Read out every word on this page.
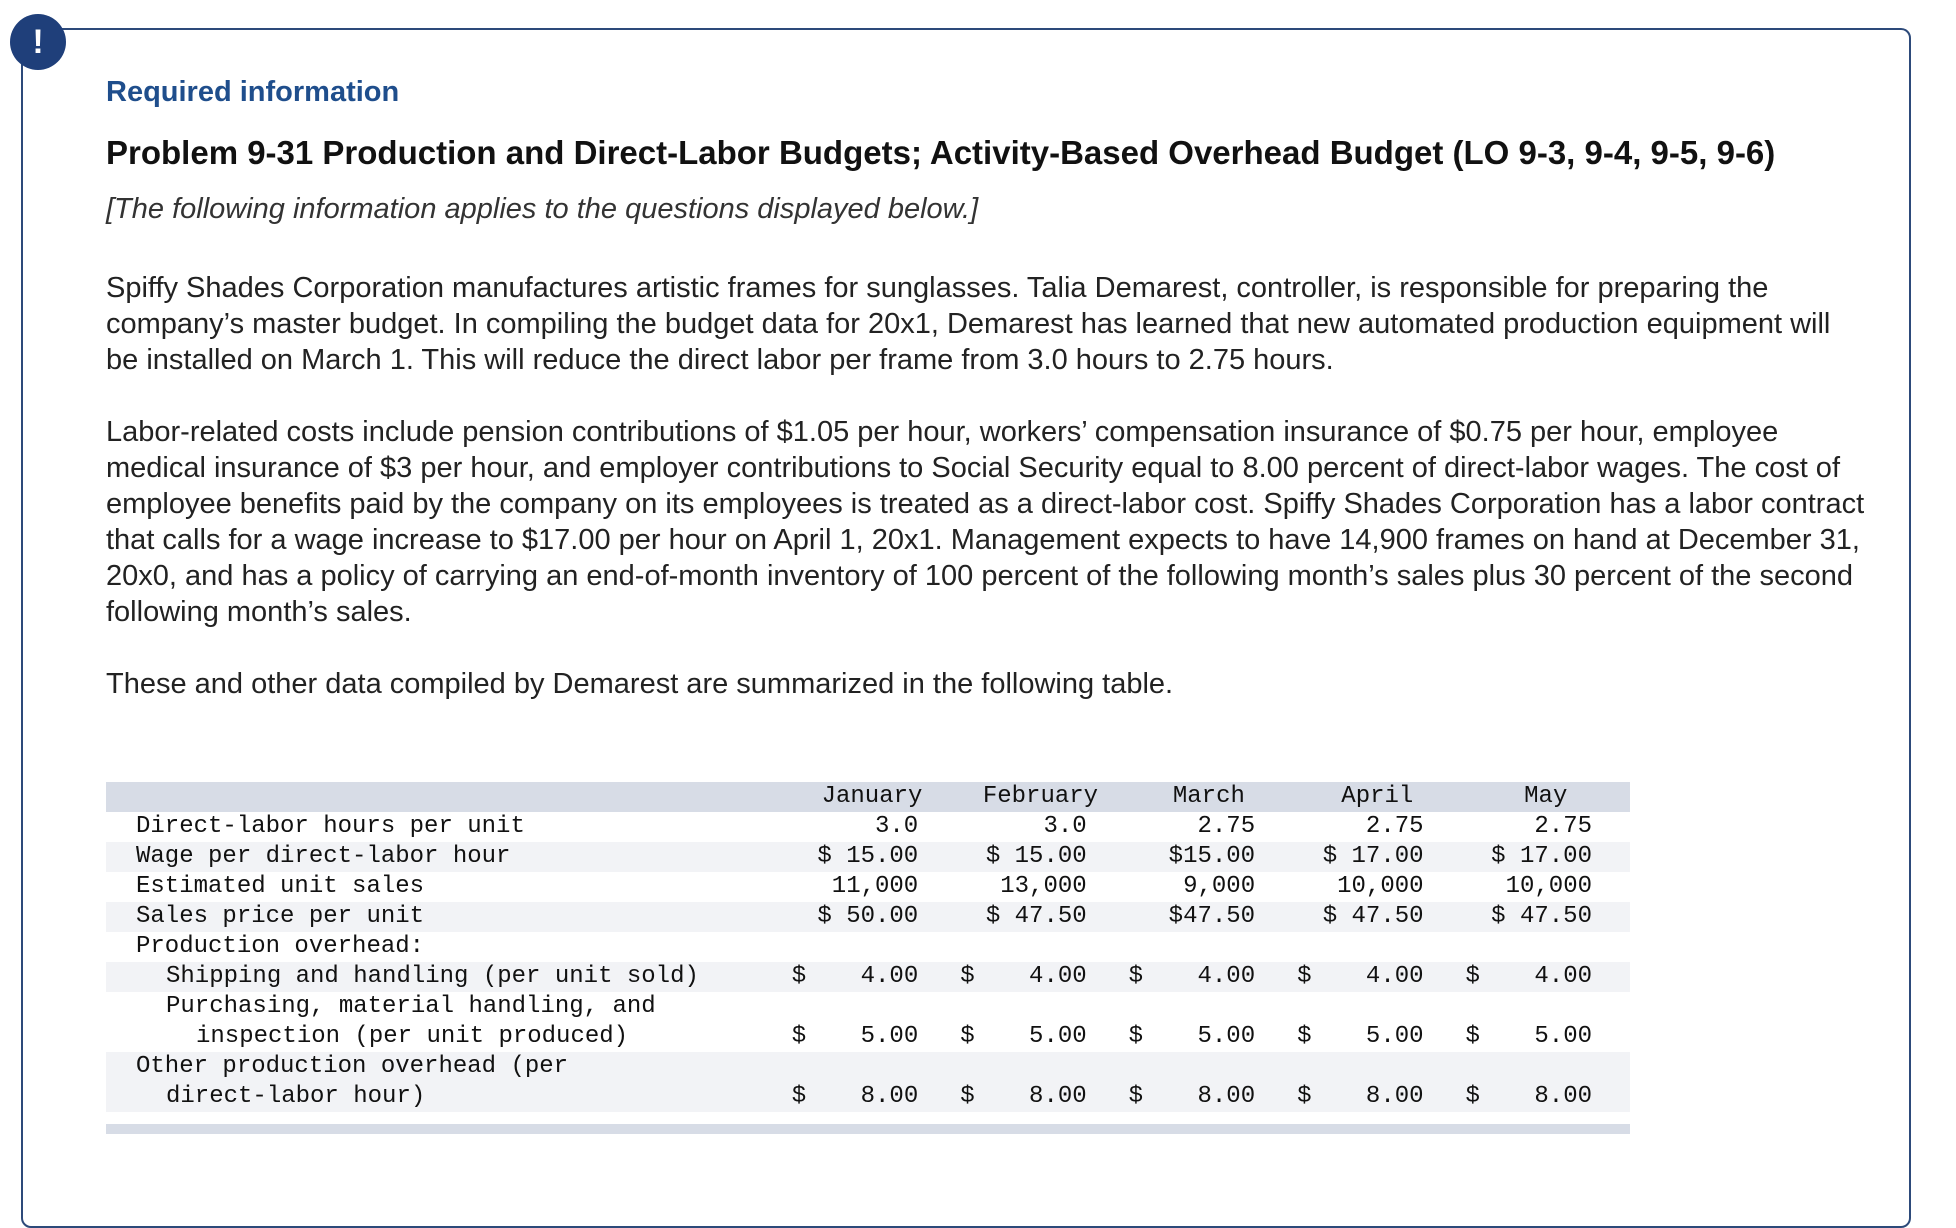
!
Required information
Problem 9-31 Production and Direct-Labor Budgets; Activity-Based Overhead Budget (LO 9-3, 9-4, 9-5, 9-6)
[The following information applies to the questions displayed below.]

Spiffy Shades Corporation manufactures artistic frames for sunglasses. Talia Demarest, controller, is responsible for preparing the company’s master budget. In compiling the budget data for 20x1, Demarest has learned that new automated production equipment will be installed on March 1. This will reduce the direct labor per frame from 3.0 hours to 2.75 hours.

Labor-related costs include pension contributions of $1.05 per hour, workers’ compensation insurance of $0.75 per hour, employee medical insurance of $3 per hour, and employer contributions to Social Security equal to 8.00 percent of direct-labor wages. The cost of employee benefits paid by the company on its employees is treated as a direct-labor cost. Spiffy Shades Corporation has a labor contract that calls for a wage increase to $17.00 per hour on April 1, 20x1. Management expects to have 14,900 frames on hand at December 31, 20x0, and has a policy of carrying an end-of-month inventory of 100 percent of the following month’s sales plus 30 percent of the second following month’s sales.

These and other data compiled by Demarest are summarized in the following table.

	January	February	March	April	May
Direct-labor hours per unit	3.0	3.0	2.75	2.75	2.75
Wage per direct-labor hour	$ 15.00	$ 15.00	$15.00	$ 17.00	$ 17.00
Estimated unit sales	11,000	13,000	9,000	10,000	10,000
Sales price per unit	$ 50.00	$ 47.50	$47.50	$ 47.50	$ 47.50
Production overhead:					
Shipping and handling (per unit sold)	$ 4.00	$ 4.00	$ 4.00	$ 4.00	$ 4.00

Purchasing, material handling, and					
inspection (per unit produced)	$ 5.00	$ 5.00	$ 5.00	$ 5.00	$ 5.00

Other production overhead (per					
direct-labor hour)	$ 8.00	$ 8.00	$ 8.00	$ 8.00	$ 8.00
